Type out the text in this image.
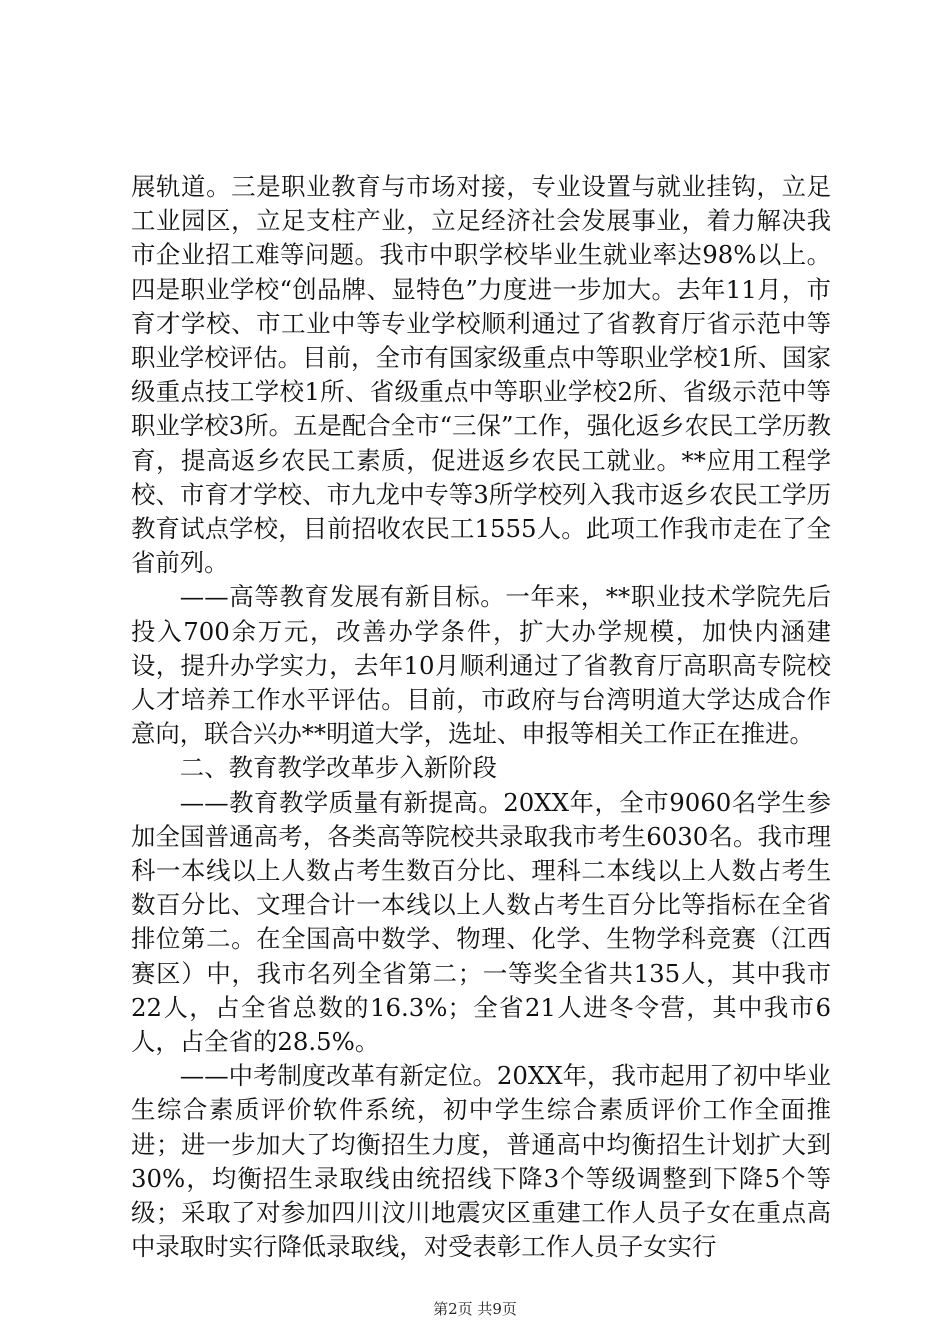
展轨道。三是职业教育与市场对接，专业设置与就业挂钩，立足工业园区，立足支柱产业，立足经济社会发展事业，着力解决我市企业招工难等问题。我市中职学校毕业生就业率达98%以上。四是职业学校“创品牌、显特色”力度进一步加大。去年11月，市育才学校、市工业中等专业学校顺利通过了省教育厅省示范中等职业学校评估。目前，全市有国家级重点中等职业学校1所、国家级重点技工学校1所、省级重点中等职业学校2所、省级示范中等职业学校3所。五是配合全市“三保”工作，强化返乡农民工学历教育，提高返乡农民工素质，促进返乡农民工就业。**应用工程学校、市育才学校、市九龙中专等3所学校列入我市返乡农民工学历教育试点学校，目前招收农民工1555人。此项工作我市走在了全省前列。

——高等教育发展有新目标。一年来，**职业技术学院先后投入700余万元，改善办学条件，扩大办学规模，加快内涵建设，提升办学实力，去年10月顺利通过了省教育厅高职高专院校人才培养工作水平评估。目前，市政府与台湾明道大学达成合作意向，联合兴办**明道大学，选址、申报等相关工作正在推进。

二、教育教学改革步入新阶段

——教育教学质量有新提高。20XX年，全市9060名学生参加全国普通高考，各类高等院校共录取我市考生6030名。我市理科一本线以上人数占考生数百分比、理科二本线以上人数占考生数百分比、文理合计一本线以上人数占考生百分比等指标在全省排位第二。在全国高中数学、物理、化学、生物学科竞赛（江西赛区）中，我市名列全省第二；一等奖全省共135人，其中我市22人，占全省总数的16.3%；全省21人进冬令营，其中我市6人，占全省的28.5%。

——中考制度改革有新定位。20XX年，我市起用了初中毕业生综合素质评价软件系统，初中学生综合素质评价工作全面推进；进一步加大了均衡招生力度，普通高中均衡招生计划扩大到30%，均衡招生录取线由统招线下降3个等级调整到下降5个等级；采取了对参加四川汶川地震灾区重建工作人员子女在重点高中录取时实行降低录取线，对受表彰工作人员子女实行

第2页 共9页
